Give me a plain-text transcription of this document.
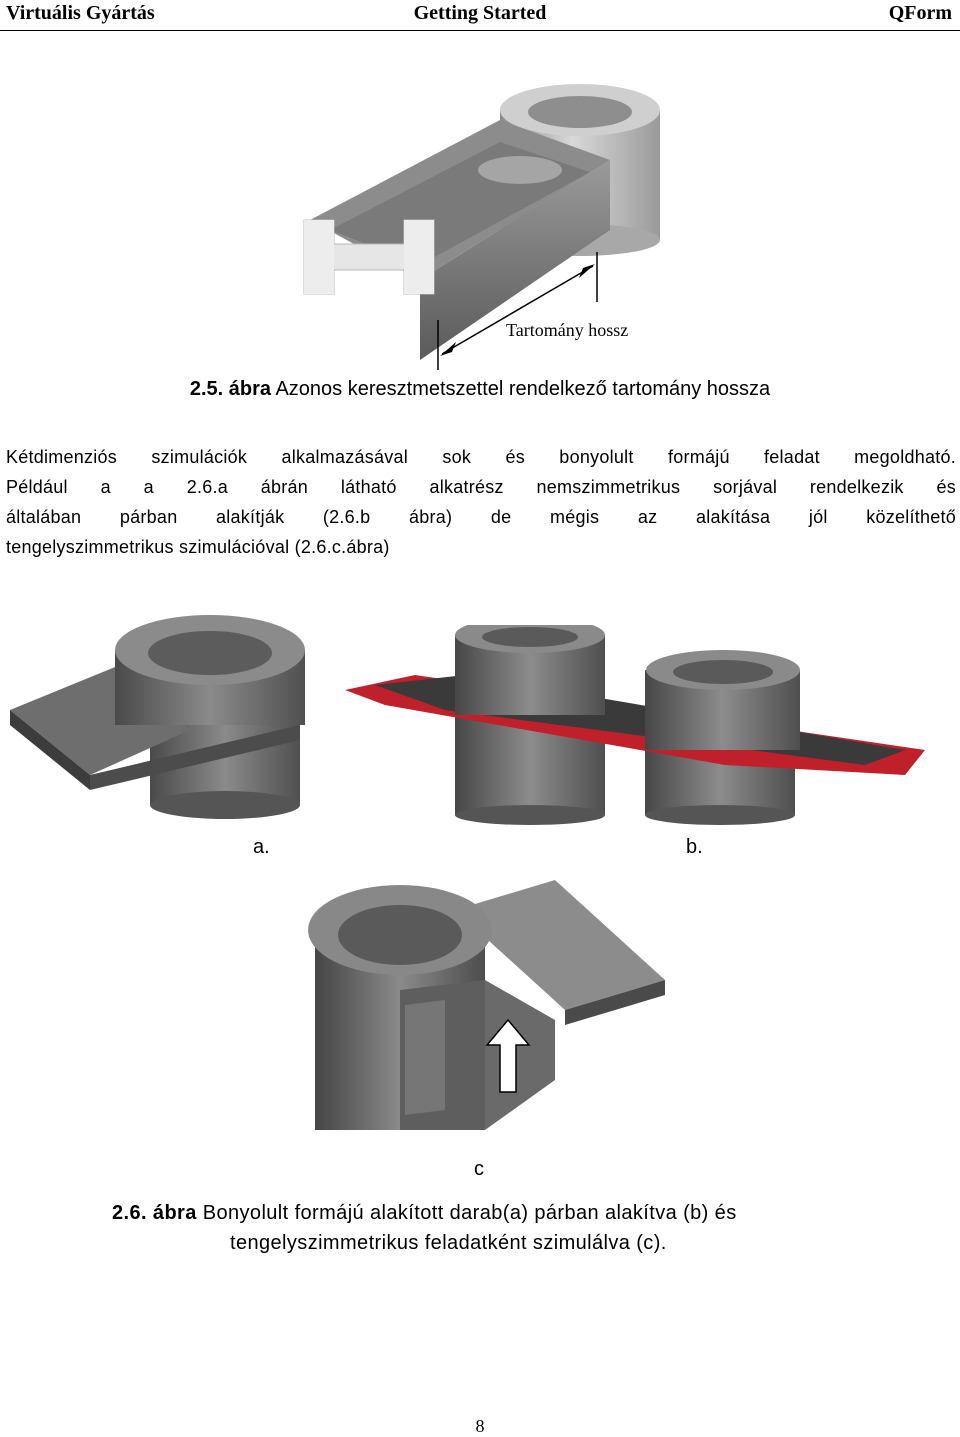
Virtuális Gyártás	Getting Started	QForm
Tartomány hossz
2.5. ábra Azonos keresztmetszettel rendelkező tartomány hossza
Kétdimenziós szimulációk alkalmazásával sok és bonyolult formájú feladat megoldható.
Például a a 2.6.a ábrán látható alkatrész nemszimmetrikus sorjával rendelkezik és
általában párban alakítják (2.6.b ábra) de mégis az alakítása jól közelíthető
tengelyszimmetrikus szimulációval (2.6.c.ábra)
a.	b.
c
2.6. ábra Bonyolult formájú alakított darab(a) párban alakítva (b) és
tengelyszimmetrikus feladatként szimulálva (c).
8
